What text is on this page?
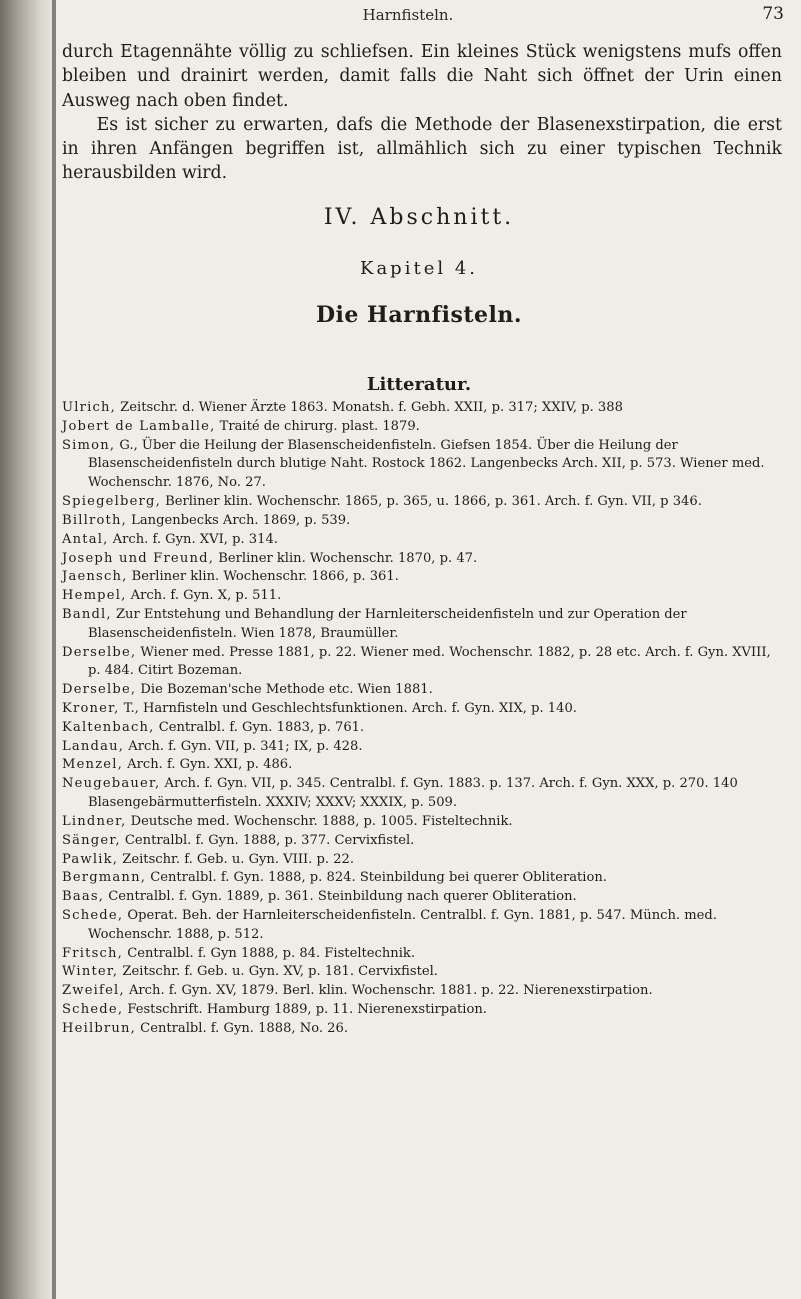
Harnfisteln.	73

durch Etagennähte völlig zu schliefsen. Ein kleines Stück wenigstens mufs offen bleiben und drainirt werden, damit falls die Naht sich öffnet der Urin einen Ausweg nach oben findet.

Es ist sicher zu erwarten, dafs die Methode der Blasenexstirpation, die erst in ihren Anfängen begriffen ist, allmählich sich zu einer typischen Technik herausbilden wird.

IV. Abschnitt.
Kapitel 4.
Die Harnfisteln.
Litteratur.
Ulrich, Zeitschr. d. Wiener Ärzte 1863. Monatsh. f. Gebh. XXII, p. 317; XXIV, p. 388
Jobert de Lamballe, Traité de chirurg. plast. 1879.
Simon, G., Über die Heilung der Blasenscheidenfisteln. Giefsen 1854. Über die Heilung der Blasenscheidenfisteln durch blutige Naht. Rostock 1862. Langenbecks Arch. XII, p. 573. Wiener med. Wochenschr. 1876, No. 27.
Spiegelberg, Berliner klin. Wochenschr. 1865, p. 365, u. 1866, p. 361. Arch. f. Gyn. VII, p 346.
Billroth, Langenbecks Arch. 1869, p. 539.
Antal, Arch. f. Gyn. XVI, p. 314.
Joseph und Freund, Berliner klin. Wochenschr. 1870, p. 47.
Jaensch, Berliner klin. Wochenschr. 1866, p. 361.
Hempel, Arch. f. Gyn. X, p. 511.
Bandl, Zur Entstehung und Behandlung der Harnleiterscheidenfisteln und zur Operation der Blasenscheidenfisteln. Wien 1878, Braumüller.
Derselbe, Wiener med. Presse 1881, p. 22. Wiener med. Wochenschr. 1882, p. 28 etc. Arch. f. Gyn. XVIII, p. 484. Citirt Bozeman.
Derselbe, Die Bozeman'sche Methode etc. Wien 1881.
Kroner, T., Harnfisteln und Geschlechtsfunktionen. Arch. f. Gyn. XIX, p. 140.
Kaltenbach, Centralbl. f. Gyn. 1883, p. 761.
Landau, Arch. f. Gyn. VII, p. 341; IX, p. 428.
Menzel, Arch. f. Gyn. XXI, p. 486.
Neugebauer, Arch. f. Gyn. VII, p. 345. Centralbl. f. Gyn. 1883. p. 137. Arch. f. Gyn. XXX, p. 270. 140 Blasengebärmutterfisteln. XXXIV; XXXV; XXXIX, p. 509.
Lindner, Deutsche med. Wochenschr. 1888, p. 1005. Fisteltechnik.
Sänger, Centralbl. f. Gyn. 1888, p. 377. Cervixfistel.
Pawlik, Zeitschr. f. Geb. u. Gyn. VIII. p. 22.
Bergmann, Centralbl. f. Gyn. 1888, p. 824. Steinbildung bei querer Obliteration.
Baas, Centralbl. f. Gyn. 1889, p. 361. Steinbildung nach querer Obliteration.
Schede, Operat. Beh. der Harnleiterscheidenfisteln. Centralbl. f. Gyn. 1881, p. 547. Münch. med. Wochenschr. 1888, p. 512.
Fritsch, Centralbl. f. Gyn 1888, p. 84. Fisteltechnik.
Winter, Zeitschr. f. Geb. u. Gyn. XV, p. 181. Cervixfistel.
Zweifel, Arch. f. Gyn. XV, 1879. Berl. klin. Wochenschr. 1881. p. 22. Nierenexstirpation.
Schede, Festschrift. Hamburg 1889, p. 11. Nierenexstirpation.
Heilbrun, Centralbl. f. Gyn. 1888, No. 26.
